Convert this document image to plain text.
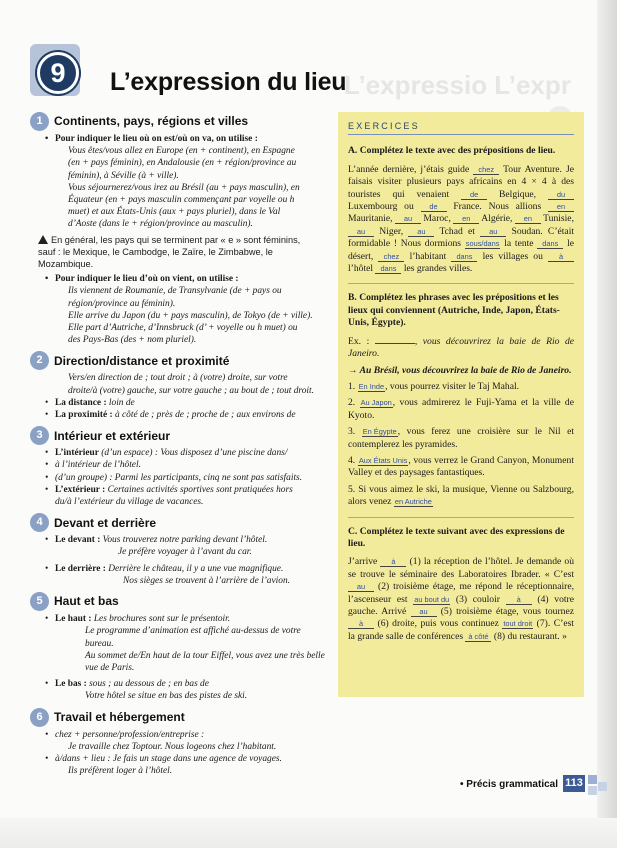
9	L’expression du lieu
L’expressio L’expr
1 Continents, pays, régions et villes
• Pour indiquer le lieu où on est/où on va, on utilise :
Vous êtes/vous allez en Europe (en + continent), en Espagne
(en + pays féminin), en Andalousie (en + région/province au
féminin), à Séville (à + ville).
Vous séjournerez/vous irez au Brésil (au + pays masculin), en
Équateur (en + pays masculin commençant par voyelle ou h
muet) et aux États-Unis (aux + pays pluriel), dans le Val
d’Aoste (dans le + région/province au masculin).
En général, les pays qui se terminent par « e » sont féminins,
sauf : le Mexique, le Cambodge, le Zaïre, le Zimbabwe, le
Mozambique.
• Pour indiquer le lieu d’où on vient, on utilise :
Ils viennent de Roumanie, de Transylvanie (de + pays ou
région/province au féminin).
Elle arrive du Japon (du + pays masculin), de Tokyo (de + ville).
Elle part d’Autriche, d’Innsbruck (d’ + voyelle ou h muet) ou
des Pays-Bas (des + nom pluriel).
2 Direction/distance et proximité
Vers/en direction de ; tout droit ; à (votre) droite, sur votre
droite/à (votre) gauche, sur votre gauche ; au bout de ; tout droit.
• La distance : loin de
• La proximité : à côté de ; près de ; proche de ; aux environs de
3 Intérieur et extérieur
• L’intérieur (d’un espace) : Vous disposez d’une piscine dans/
• à l’intérieur de l’hôtel.
• (d’un groupe) : Parmi les participants, cinq ne sont pas satisfaits.
• L’extérieur : Certaines activités sportives sont pratiquées hors
du/à l’extérieur du village de vacances.
4 Devant et derrière
• Le devant : Vous trouverez notre parking devant l’hôtel.
Je préfère voyager à l’avant du car.
• Le derrière : Derrière le château, il y a une vue magnifique.
Nos sièges se trouvent à l’arrière de l’avion.
5 Haut et bas
• Le haut : Les brochures sont sur le présentoir.
Le programme d’animation est affiché au-dessus de votre bureau.
Au sommet de/En haut de la tour Eiffel, vous avez une très belle
vue de Paris.
• Le bas : sous ; au dessous de ; en bas de
Votre hôtel se situe en bas des pistes de ski.
6 Travail et hébergement
• chez + personne/profession/entreprise :
Je travaille chez Toptour. Nous logeons chez l’habitant.
• à/dans + lieu : Je fais un stage dans une agence de voyages.
Ils préfèrent loger à l’hôtel.
EXERCICES
A. Complétez le texte avec des prépositions de lieu.
L’année dernière, j’étais guide chez Tour Aventure. Je faisais visiter plusieurs pays africains en 4 × 4 à des touristes qui venaient	de Belgique,	du Luxembourg ou de France. Nous allions en Mauritanie, au Maroc, en Algérie, en Tunisie, au Niger, au Tchad et au Soudan. C’était formidable ! Nous dormions sous/dans la tente dans le désert, chez l’habitant dans les villages ou à l’hôtel dans les grandes villes.
B. Complétez les phrases avec les prépositions et les lieux qui conviennent (Autriche, Inde, Japon, États-Unis, Égypte).
Ex. :	, vous découvrirez la baie de Rio de Janeiro.
→ Au Brésil, vous découvrirez la baie de Rio de Janeiro.
1. En Inde, vous pourrez visiter le Taj Mahal.
2. Au Japon, vous admirerez le Fuji-Yama et la ville de Kyoto.
3. En Égypte, vous ferez une croisière sur le Nil et contemplerez les pyramides.
4. Aux États Unis, vous verrez le Grand Canyon, Monument Valley et des paysages fantastiques.
5. Si vous aimez le ski, la musique, Vienne ou Salzbourg, alors venez en Autriche
C. Complétez le texte suivant avec des expressions de lieu.
J’arrive à (1) la réception de l’hôtel. Je demande où se trouve le séminaire des Laboratoires Ibrader. « C’est au (2) troisième étage, me répond le réceptionnaire, l’ascenseur est au bout du (3) couloir à (4) votre gauche. Arrivé au (5) troisième étage, vous tournez à (6) droite, puis vous continuez tout droit (7). C’est la grande salle de conférences à côté (8) du restaurant. »
• Précis grammatical 113
